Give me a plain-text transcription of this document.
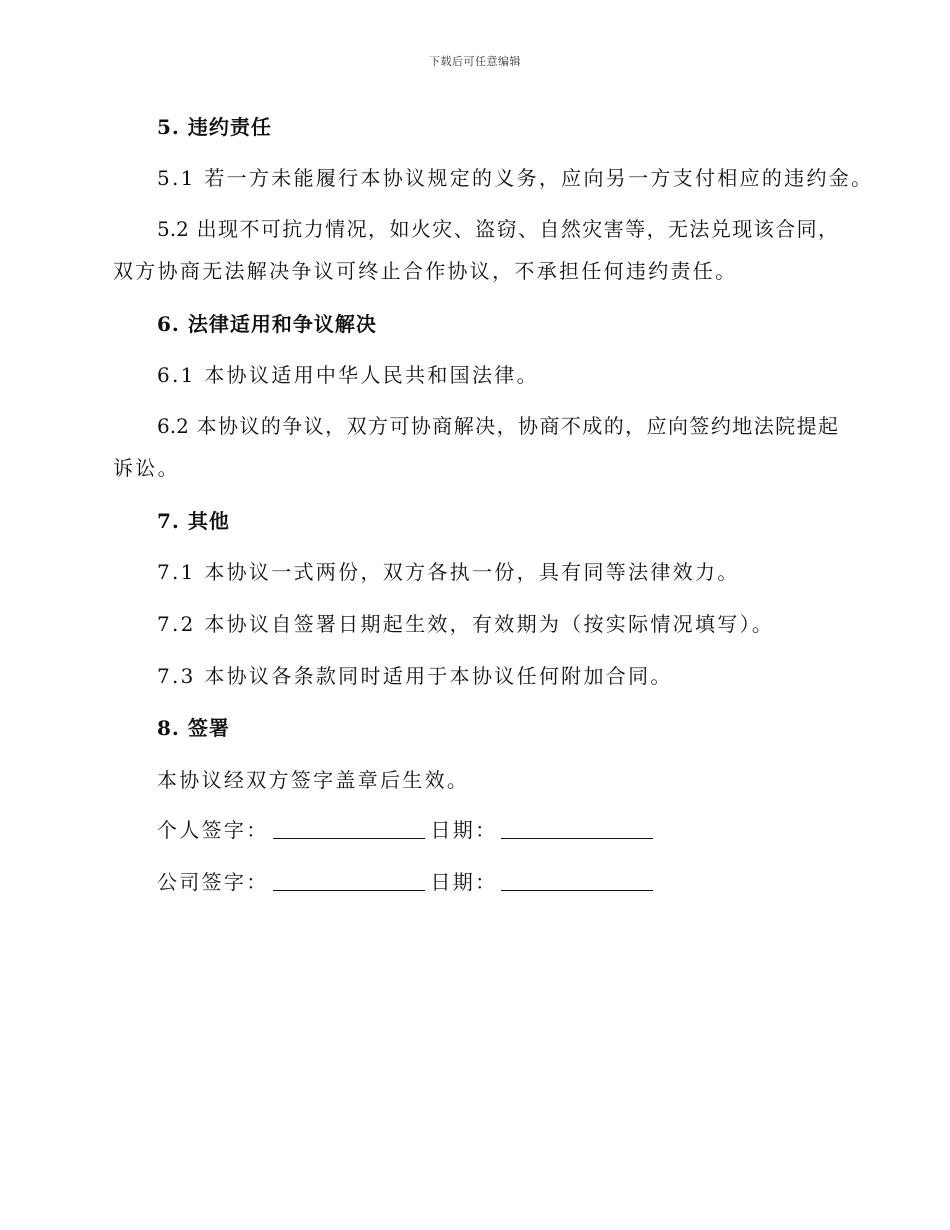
下载后可任意编辑
5. 违约责任
5.1 若一方未能履行本协议规定的义务，应向另一方支付相应的违约金。
5.2 出现不可抗力情况，如火灾、盗窃、自然灾害等，无法兑现该合同，
双方协商无法解决争议可终止合作协议，不承担任何违约责任。
6. 法律适用和争议解决
6.1 本协议适用中华人民共和国法律。
6.2 本协议的争议，双方可协商解决，协商不成的，应向签约地法院提起
诉讼。
7. 其他
7.1 本协议一式两份，双方各执一份，具有同等法律效力。
7.2 本协议自签署日期起生效，有效期为（按实际情况填写）。
7.3 本协议各条款同时适用于本协议任何附加合同。
8. 签署
本协议经双方签字盖章后生效。
个人签字：	日期：
公司签字：	日期：
